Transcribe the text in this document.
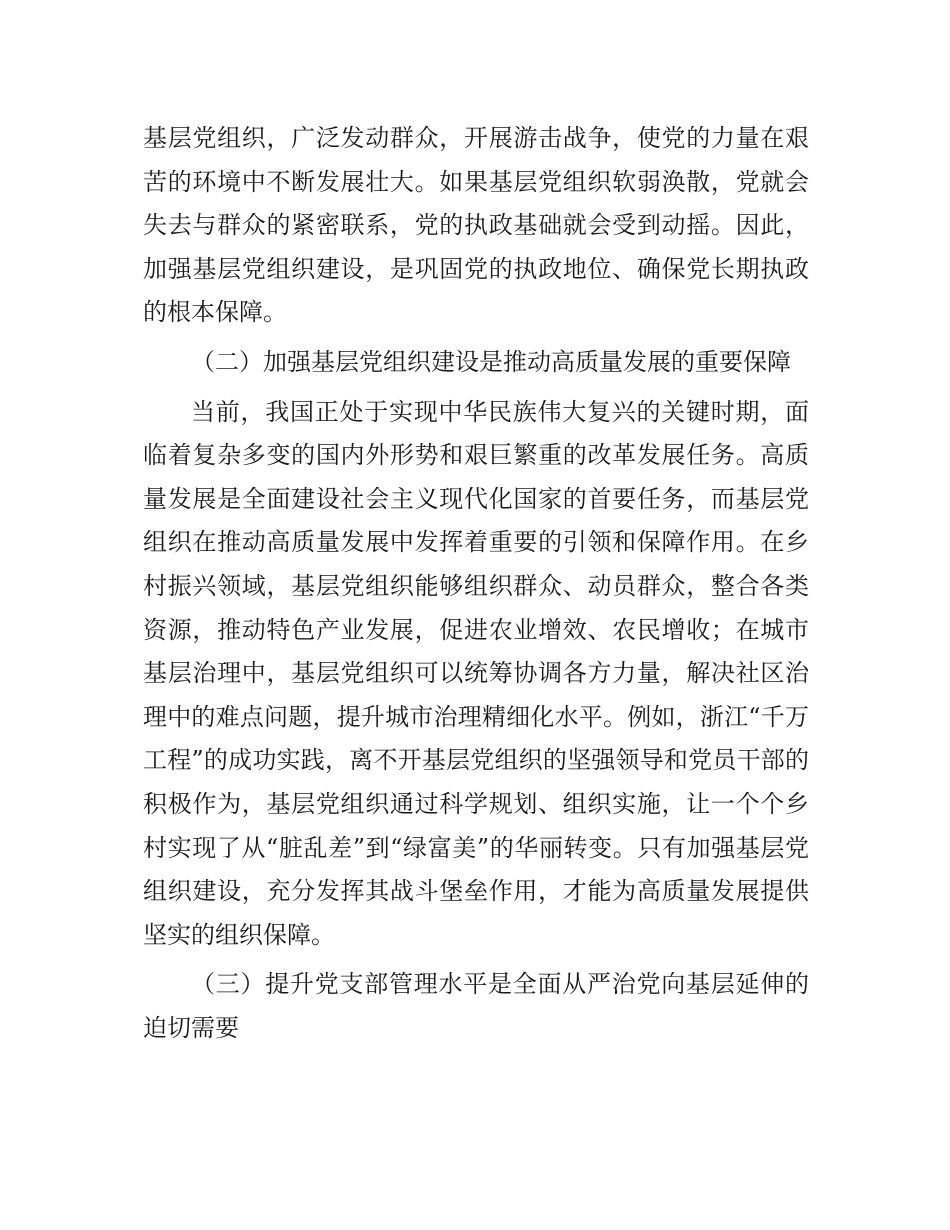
基层党组织，广泛发动群众，开展游击战争，使党的力量在艰苦的环境中不断发展壮大。如果基层党组织软弱涣散，党就会失去与群众的紧密联系，党的执政基础就会受到动摇。因此，加强基层党组织建设，是巩固党的执政地位、确保党长期执政的根本保障。

（二）加强基层党组织建设是推动高质量发展的重要保障

当前，我国正处于实现中华民族伟大复兴的关键时期，面临着复杂多变的国内外形势和艰巨繁重的改革发展任务。高质量发展是全面建设社会主义现代化国家的首要任务，而基层党组织在推动高质量发展中发挥着重要的引领和保障作用。在乡村振兴领域，基层党组织能够组织群众、动员群众，整合各类资源，推动特色产业发展，促进农业增效、农民增收；在城市基层治理中，基层党组织可以统筹协调各方力量，解决社区治理中的难点问题，提升城市治理精细化水平。例如，浙江“千万工程”的成功实践，离不开基层党组织的坚强领导和党员干部的积极作为，基层党组织通过科学规划、组织实施，让一个个乡村实现了从“脏乱差”到“绿富美”的华丽转变。只有加强基层党组织建设，充分发挥其战斗堡垒作用，才能为高质量发展提供坚实的组织保障。

（三）提升党支部管理水平是全面从严治党向基层延伸的迫切需要
